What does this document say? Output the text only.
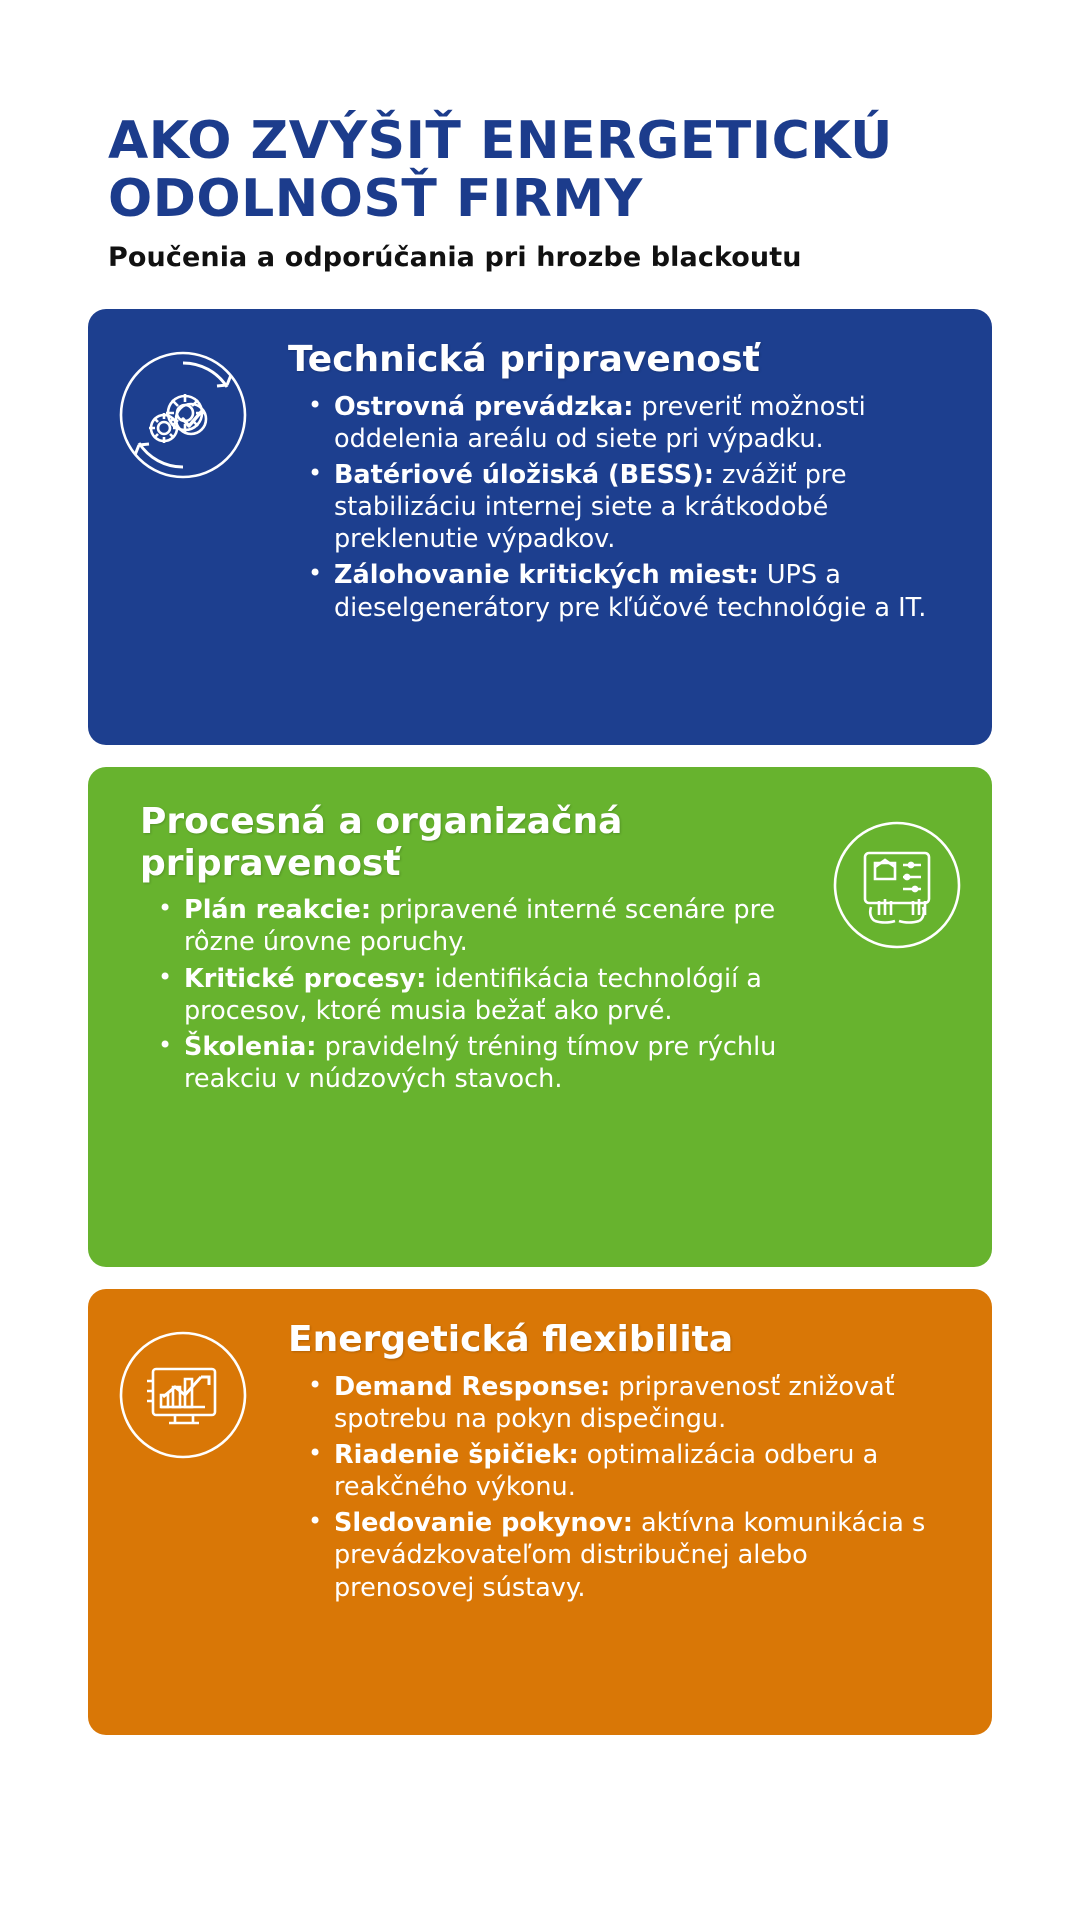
AKO ZVÝŠIŤ ENERGETICKÚ ODOLNOSŤ FIRMY

Poučenia a odporúčania pri hrozbe blackoutu

Technická pripravenosť
• Ostrovná prevádzka: preveriť možnosti oddelenia areálu od siete pri výpadku.
• Batériové úložiská (BESS): zvážiť pre stabilizáciu internej siete a krátkodobé preklenutie výpadkov.
• Zálohovanie kritických miest: UPS a dieselgenerátory pre kľúčové technológie a IT.
Procesná a organizačná pripravenosť
• Plán reakcie: pripravené interné scenáre pre rôzne úrovne poruchy.
• Kritické procesy: identifikácia technológií a procesov, ktoré musia bežať ako prvé.
• Školenia: pravidelný tréning tímov pre rýchlu reakciu v núdzových stavoch.
Energetická flexibilita
• Demand Response: pripravenosť znižovať spotrebu na pokyn dispečingu.
• Riadenie špičiek: optimalizácia odberu a reakčného výkonu.
• Sledovanie pokynov: aktívna komunikácia s prevádzkovateľom distribučnej alebo prenosovej sústavy.
